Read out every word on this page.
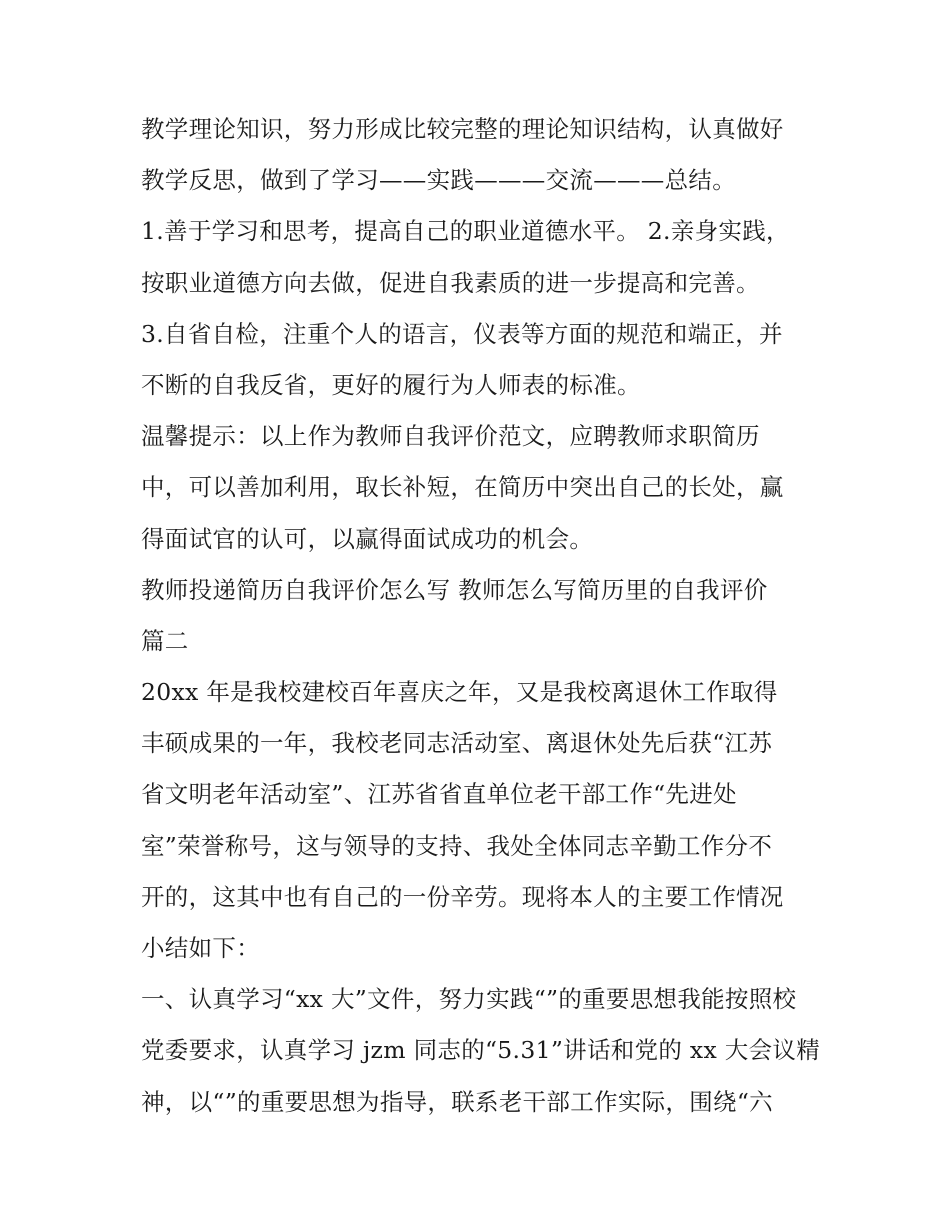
教学理论知识，努力形成比较完整的理论知识结构，认真做好
教学反思，做到了学习——实践———交流———总结。
1.善于学习和思考，提高自己的职业道德水平。 2.亲身实践，
按职业道德方向去做，促进自我素质的进一步提高和完善。
3.自省自检，注重个人的语言，仪表等方面的规范和端正，并
不断的自我反省，更好的履行为人师表的标准。
温馨提示：以上作为教师自我评价范文，应聘教师求职简历
中，可以善加利用，取长补短，在简历中突出自己的长处，赢
得面试官的认可，以赢得面试成功的机会。
教师投递简历自我评价怎么写 教师怎么写简历里的自我评价
篇二
20xx 年是我校建校百年喜庆之年，又是我校离退休工作取得
丰硕成果的一年，我校老同志活动室、离退休处先后获“江苏
省文明老年活动室”、江苏省省直单位老干部工作“先进处
室”荣誉称号，这与领导的支持、我处全体同志辛勤工作分不
开的，这其中也有自己的一份辛劳。现将本人的主要工作情况
小结如下：
一、认真学习“xx 大”文件，努力实践“”的重要思想我能按照校
党委要求，认真学习 jzm 同志的“5.31”讲话和党的 xx 大会议精
神，以“”的重要思想为指导，联系老干部工作实际，围绕“六
